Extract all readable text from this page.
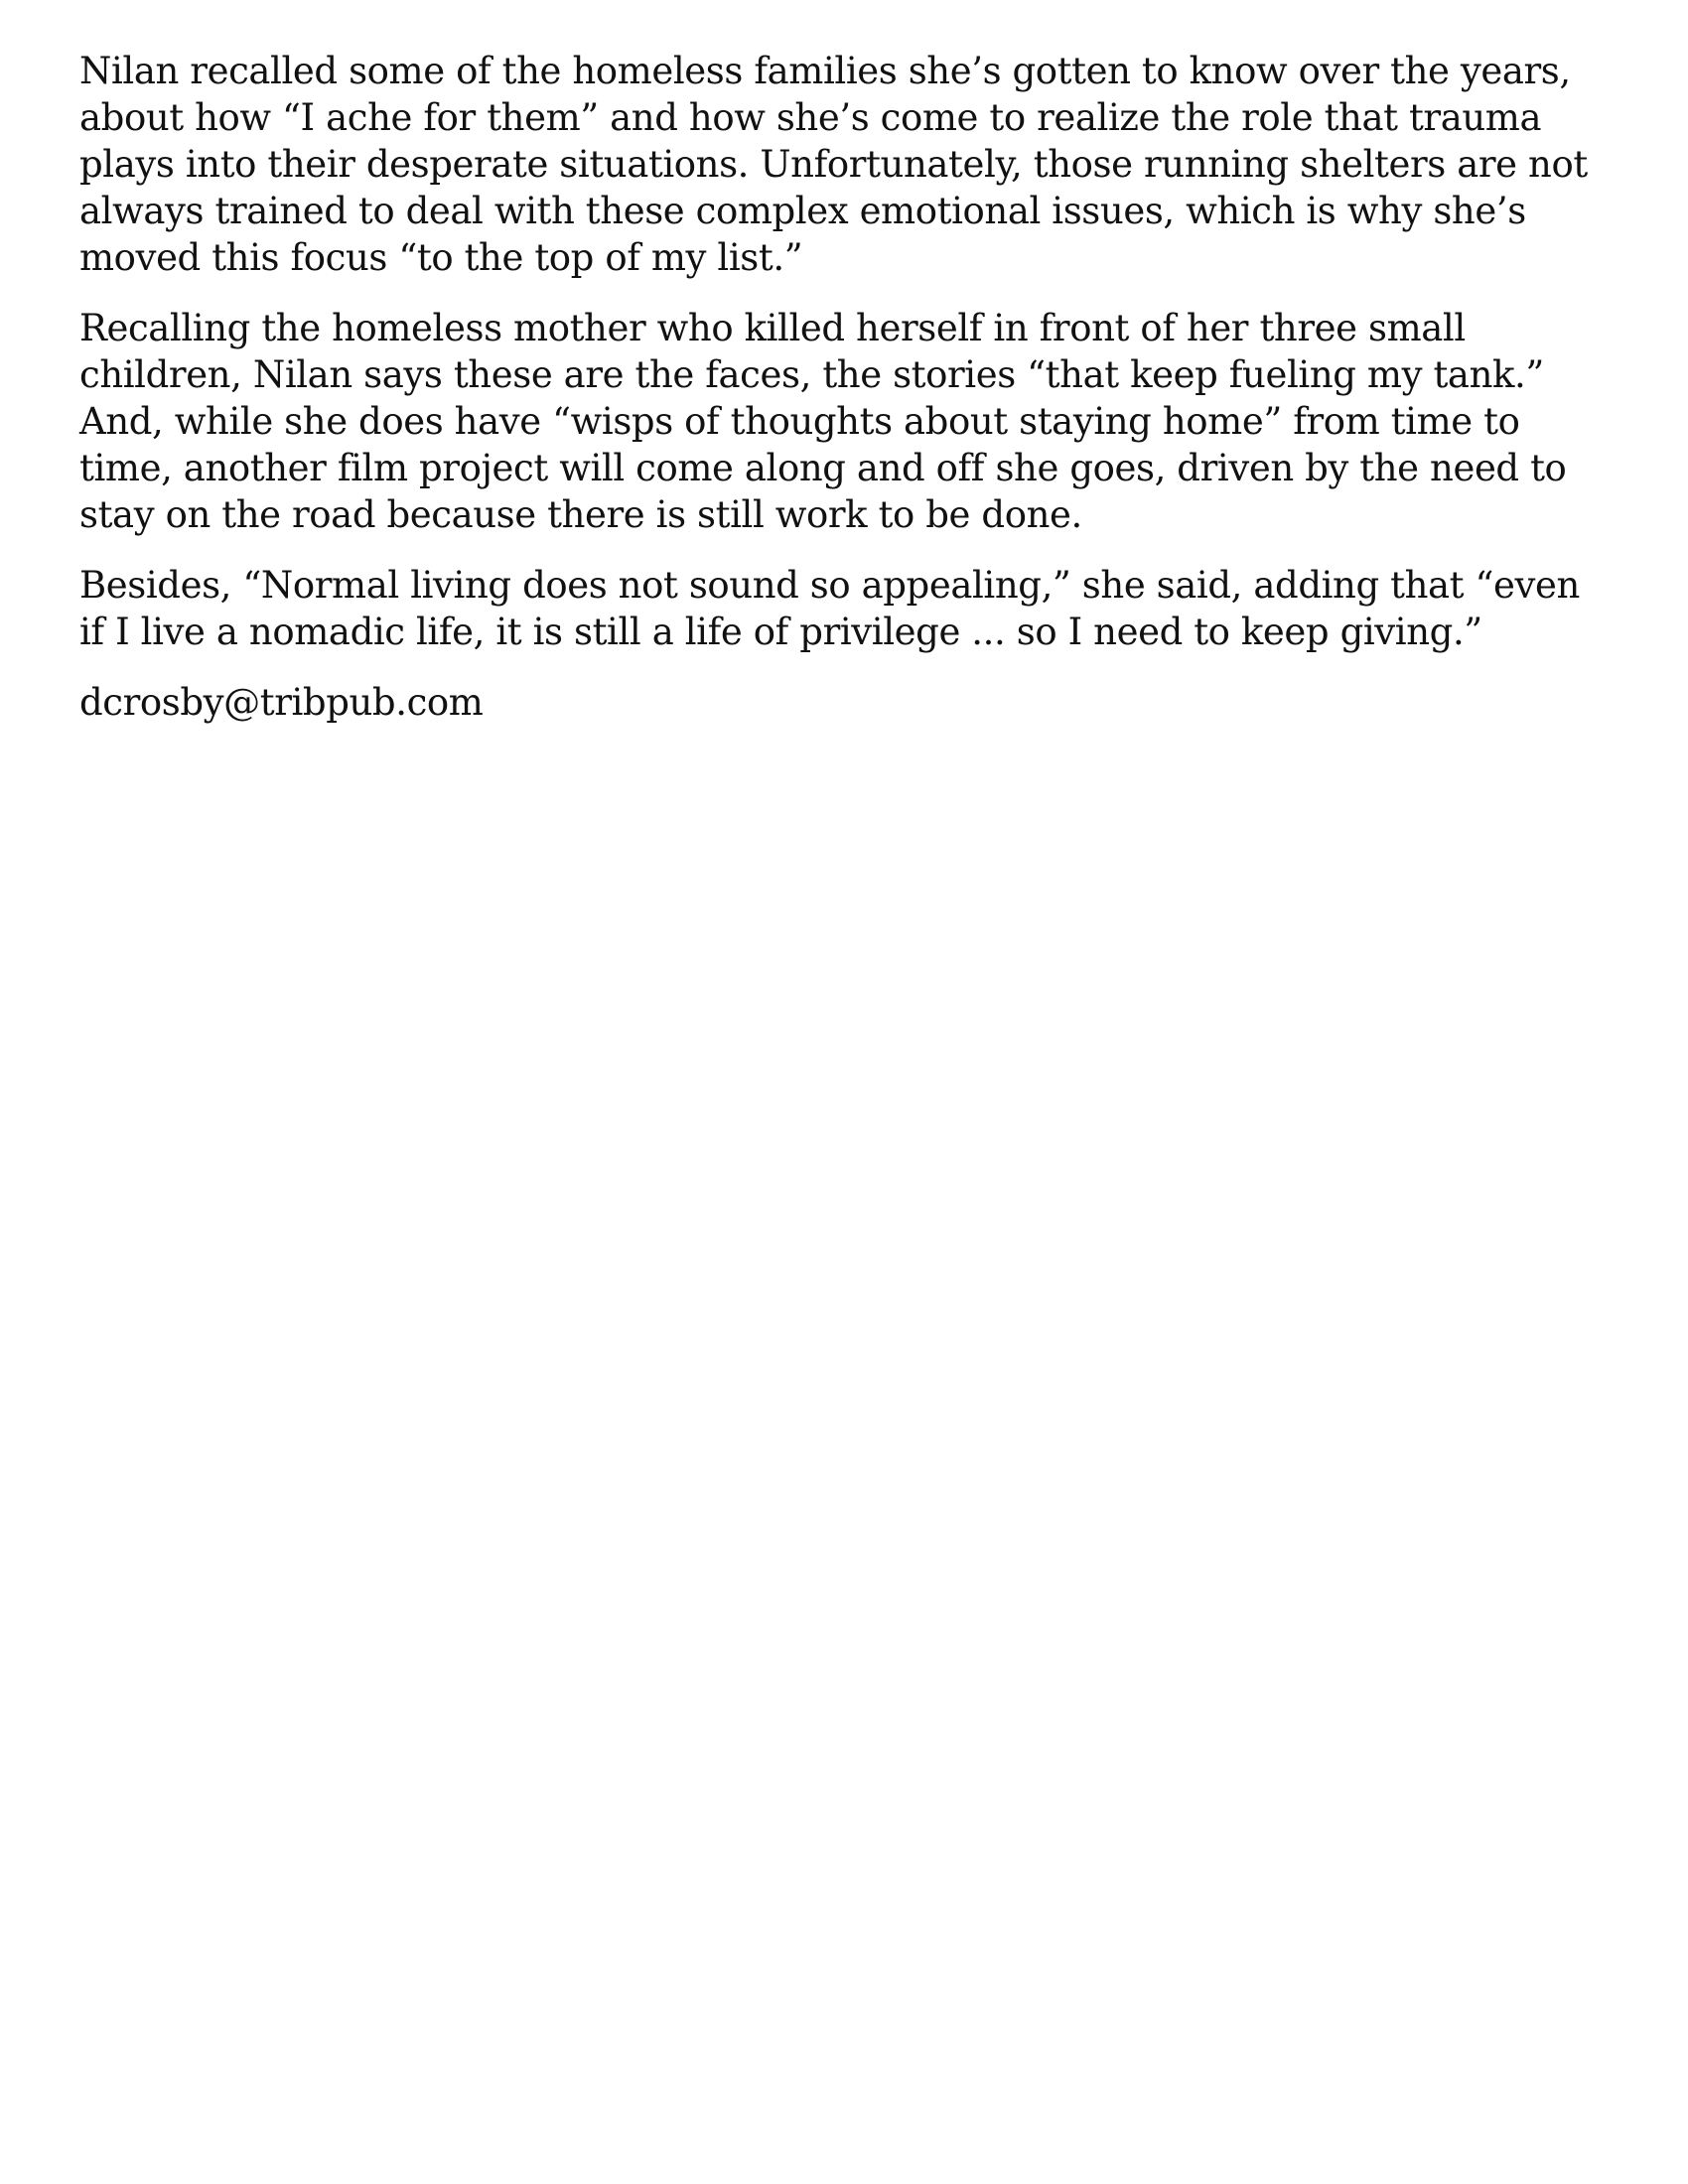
Nilan recalled some of the homeless families she’s gotten to know over the years,
about how “I ache for them” and how she’s come to realize the role that trauma
plays into their desperate situations. Unfortunately, those running shelters are not
always trained to deal with these complex emotional issues, which is why she’s
moved this focus “to the top of my list.”

Recalling the homeless mother who killed herself in front of her three small
children, Nilan says these are the faces, the stories “that keep fueling my tank.”
And, while she does have “wisps of thoughts about staying home” from time to
time, another film project will come along and off she goes, driven by the need to
stay on the road because there is still work to be done.

Besides, “Normal living does not sound so appealing,” she said, adding that “even
if I live a nomadic life, it is still a life of privilege ... so I need to keep giving.”

dcrosby@tribpub.com
